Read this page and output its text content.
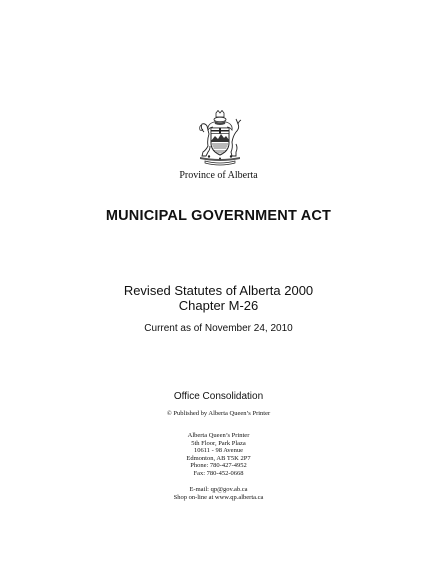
Province of Alberta
MUNICIPAL GOVERNMENT ACT
Revised Statutes of Alberta 2000
Chapter M-26
Current as of November 24, 2010
Office Consolidation
© Published by Alberta Queen’s Printer
Alberta Queen’s Printer
5th Floor, Park Plaza
10611 - 98 Avenue
Edmonton, AB T5K 2P7
Phone: 780-427-4952
Fax: 780-452-0668
E-mail: qp@gov.ab.ca
Shop on-line at www.qp.alberta.ca
